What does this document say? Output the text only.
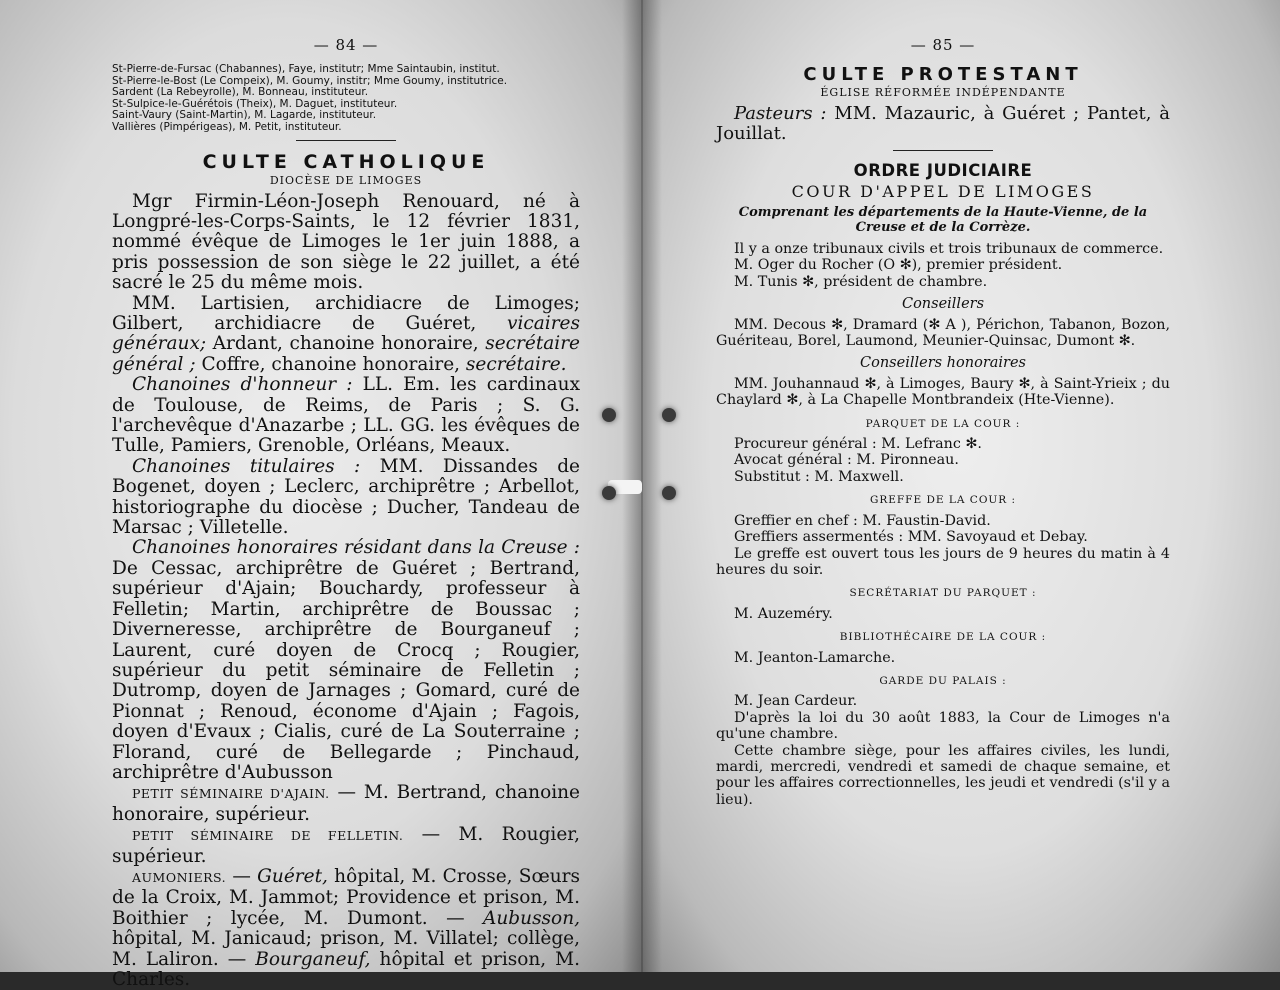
— 84 —
St-Pierre-de-Fursac (Chabannes), Faye, institutr; Mme Saintaubin, institut.
St-Pierre-le-Bost (Le Compeix), M. Goumy, institr; Mme Goumy, institutrice.
Sardent (La Rebeyrolle), M. Bonneau, instituteur.
St-Sulpice-le-Guérétois (Theix), M. Daguet, instituteur.
Saint-Vaury (Saint-Martin), M. Lagarde, instituteur.
Vallières (Pimpérigeas), M. Petit, instituteur.
CULTE CATHOLIQUE
DIOCÈSE DE LIMOGES

Mgr Firmin-Léon-Joseph Renouard, né à Longpré-les-Corps-Saints, le 12 février 1831, nommé évêque de Limoges le 1er juin 1888, a pris possession de son siège le 22 juillet, a été sacré le 25 du même mois.

MM. Lartisien, archidiacre de Limoges; Gilbert, archidiacre de Guéret, vicaires généraux; Ardant, chanoine honoraire, secrétaire général ; Coffre, chanoine honoraire, secrétaire.

Chanoines d'honneur : LL. Em. les cardinaux de Toulouse, de Reims, de Paris ; S. G. l'archevêque d'Anazarbe ; LL. GG. les évêques de Tulle, Pamiers, Grenoble, Orléans, Meaux.

Chanoines titulaires : MM. Dissandes de Bogenet, doyen ; Leclerc, archiprêtre ; Arbellot, historiographe du diocèse ; Ducher, Tandeau de Marsac ; Villetelle.

Chanoines honoraires résidant dans la Creuse : De Cessac, archiprêtre de Guéret ; Bertrand, supérieur d'Ajain; Bouchardy, professeur à Felletin; Martin, archiprêtre de Boussac ; Diverneresse, archiprêtre de Bourganeuf ; Laurent, curé doyen de Crocq ; Rougier, supérieur du petit séminaire de Felletin ; Dutromp, doyen de Jarnages ; Gomard, curé de Pionnat ; Renoud, économe d'Ajain ; Fagois, doyen d'Evaux ; Cialis, curé de La Souterraine ; Florand, curé de Bellegarde ; Pinchaud, archiprêtre d'Aubusson

PETIT SÉMINAIRE D'AJAIN. — M. Bertrand, chanoine honoraire, supérieur.

PETIT SÉMINAIRE DE FELLETIN. — M. Rougier, supérieur.

AUMONIERS. — Guéret, hôpital, M. Crosse, Sœurs de la Croix, M. Jammot; Providence et prison, M. Boithier ; lycée, M. Dumont. — Aubusson, hôpital, M. Janicaud; prison, M. Villatel; collège, M. Laliron. — Bourganeuf, hôpital et prison, M. Charles.

— 85 —
CULTE PROTESTANT
ÉGLISE RÉFORMÉE INDÉPENDANTE

Pasteurs : MM. Mazauric, à Guéret ; Pantet, à Jouillat.

ORDRE JUDICIAIRE
COUR D'APPEL DE LIMOGES
Comprenant les départements de la Haute-Vienne, de la Creuse et de la Corrèze.

Il y a onze tribunaux civils et trois tribunaux de commerce.

M. Oger du Rocher (O ✻), premier président.

M. Tunis ✻, président de chambre.

Conseillers

MM. Decous ✻, Dramard (✻ A ), Périchon, Tabanon, Bozon, Guériteau, Borel, Laumond, Meunier-Quinsac, Dumont ✻.

Conseillers honoraires

MM. Jouhannaud ✻, à Limoges, Baury ✻, à Saint-Yrieix ; du Chaylard ✻, à La Chapelle Montbrandeix (Hte-Vienne).

PARQUET DE LA COUR :

Procureur général : M. Lefranc ✻.

Avocat général : M. Pironneau.

Substitut : M. Maxwell.

GREFFE DE LA COUR :

Greffier en chef : M. Faustin-David.

Greffiers assermentés : MM. Savoyaud et Debay.

Le greffe est ouvert tous les jours de 9 heures du matin à 4 heures du soir.

SECRÉTARIAT DU PARQUET :

M. Auzeméry.

BIBLIOTHÉCAIRE DE LA COUR :

M. Jeanton-Lamarche.

GARDE DU PALAIS :

M. Jean Cardeur.

D'après la loi du 30 août 1883, la Cour de Limoges n'a qu'une chambre.

Cette chambre siège, pour les affaires civiles, les lundi, mardi, mercredi, vendredi et samedi de chaque semaine, et pour les affaires correctionnelles, les jeudi et vendredi (s'il y a lieu).
